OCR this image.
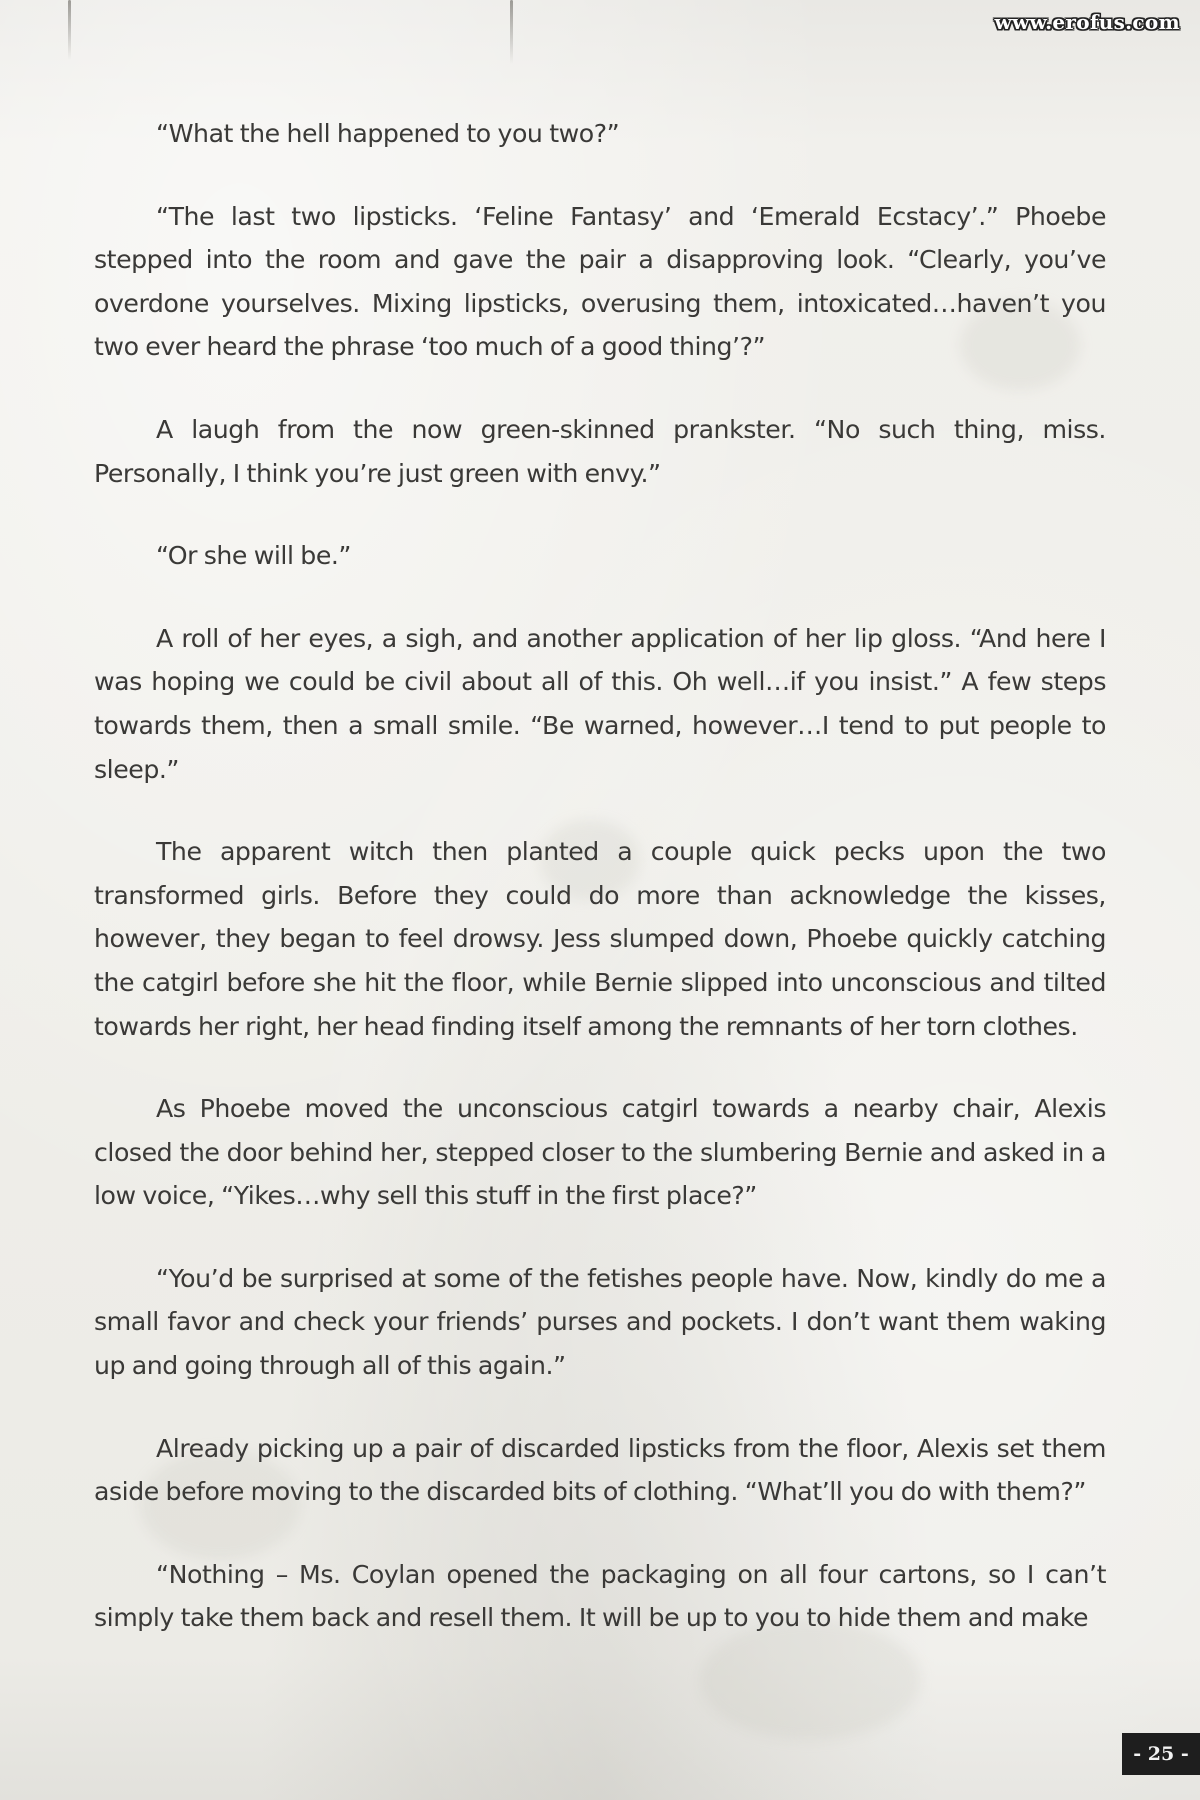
www.erofus.com

“What the hell happened to you two?”

“The last two lipsticks. ‘Feline Fantasy’ and ‘Emerald Ecstacy’.” Phoebe stepped into the room and gave the pair a disapproving look. “Clearly, you’ve overdone yourselves. Mixing lipsticks, overusing them, intoxicated…haven’t you two ever heard the phrase ‘too much of a good thing’?”

A laugh from the now green-skinned prankster. “No such thing, miss. Personally, I think you’re just green with envy.”

“Or she will be.”

A roll of her eyes, a sigh, and another application of her lip gloss. “And here I was hoping we could be civil about all of this. Oh well…if you insist.” A few steps towards them, then a small smile. “Be warned, however…I tend to put people to sleep.”

The apparent witch then planted a couple quick pecks upon the two transformed girls. Before they could do more than acknowledge the kisses, however, they began to feel drowsy. Jess slumped down, Phoebe quickly catching the catgirl before she hit the floor, while Bernie slipped into unconscious and tilted towards her right, her head finding itself among the remnants of her torn clothes.

As Phoebe moved the unconscious catgirl towards a nearby chair, Alexis closed the door behind her, stepped closer to the slumbering Bernie and asked in a low voice, “Yikes…why sell this stuff in the first place?”

“You’d be surprised at some of the fetishes people have. Now, kindly do me a small favor and check your friends’ purses and pockets. I don’t want them waking up and going through all of this again.”

Already picking up a pair of discarded lipsticks from the floor, Alexis set them aside before moving to the discarded bits of clothing. “What’ll you do with them?”

“Nothing – Ms. Coylan opened the packaging on all four cartons, so I can’t simply take them back and resell them. It will be up to you to hide them and make

- 25 -
